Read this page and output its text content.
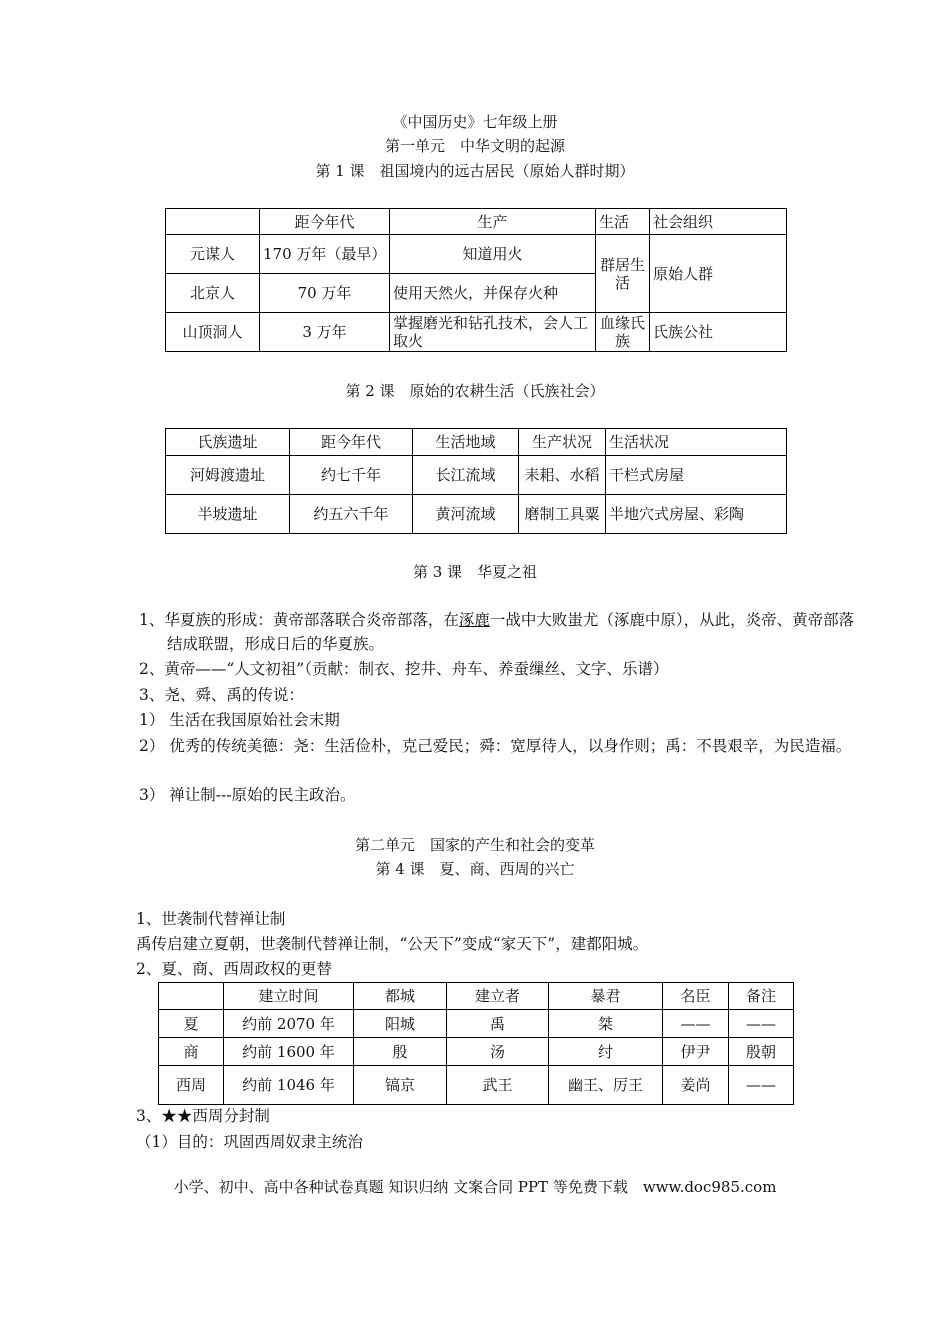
《中国历史》七年级上册
第一单元　中华文明的起源
第 1 课　祖国境内的远古居民（原始人群时期）
	距今年代	生产	生活	社会组织
元谋人	170 万年（最早）	知道用火	群居生活	原始人群
北京人	70 万年	使用天然火，并保存火种		
山顶洞人	3 万年	掌握磨光和钻孔技术，会人工取火	血缘氏族	氏族公社
第 2 课　原始的农耕生活（氏族社会）
氏族遗址	距今年代	生活地域	生产状况	生活状况
河姆渡遗址	约七千年	长江流域	耒耜、水稻	干栏式房屋
半坡遗址	约五六千年	黄河流域	磨制工具粟	半地穴式房屋、彩陶
第 3 课　华夏之祖
1、华夏族的形成：黄帝部落联合炎帝部落，在涿鹿一战中大败蚩尤（涿鹿中原），从此，炎帝、黄帝部落结成联盟，形成日后的华夏族。
2、黄帝——“人文初祖”（贡献：制衣、挖井、舟车、养蚕缫丝、文字、乐谱）
3、尧、舜、禹的传说：
1） 生活在我国原始社会末期
2） 优秀的传统美德：尧：生活俭朴，克己爱民；舜：宽厚待人，以身作则；禹：不畏艰辛，为民造福。
3） 禅让制---原始的民主政治。
第二单元　国家的产生和社会的变革
第 4 课　夏、商、西周的兴亡
1、世袭制代替禅让制
禹传启建立夏朝，世袭制代替禅让制，“公天下”变成“家天下”，建都阳城。
2、夏、商、西周政权的更替
	建立时间	都城	建立者	暴君	名臣	备注
夏	约前 2070 年	阳城	禹	桀	——	——
商	约前 1600 年	殷	汤	纣	伊尹	殷朝
西周	约前 1046 年	镐京	武王	幽王、厉王	姜尚	——
3、★★西周分封制
（1）目的：巩固西周奴隶主统治
小学、初中、高中各种试卷真题 知识归纳 文案合同 PPT 等免费下载　www.doc985.com
